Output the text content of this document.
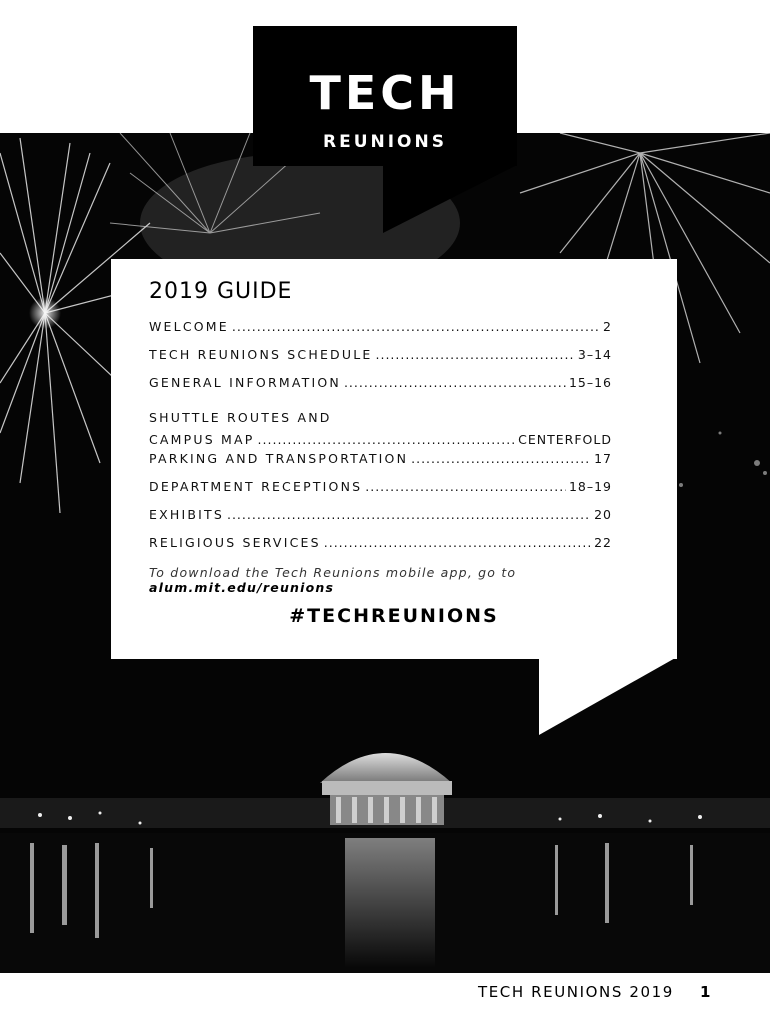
TECH
REUNIONS
2019 GUIDE
WELCOME .....	2
TECH REUNIONS SCHEDULE .....	3–14
GENERAL INFORMATION .....	15–16
SHUTTLE ROUTES AND
CAMPUS MAP .....	CENTERFOLD
PARKING AND TRANSPORTATION .....	17
DEPARTMENT RECEPTIONS .....	18–19
EXHIBITS .....	20
RELIGIOUS SERVICES .....	22
To download the Tech Reunions mobile app, go to
alum.mit.edu/reunions
#TECHREUNIONS
TECH REUNIONS 2019 1
